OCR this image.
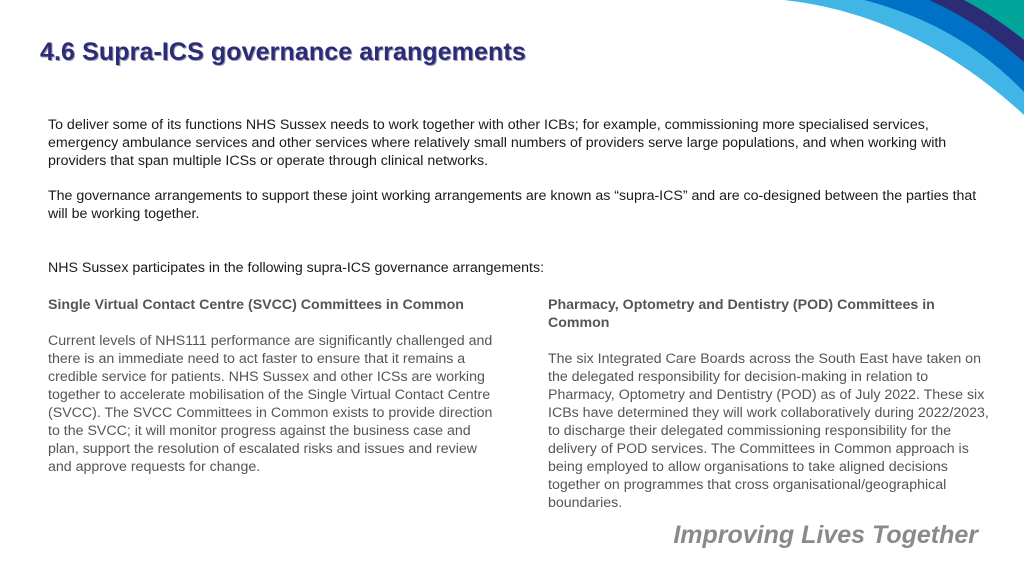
4.6 Supra-ICS governance arrangements

To deliver some of its functions NHS Sussex needs to work together with other ICBs; for example, commissioning more specialised services, emergency ambulance services and other services where relatively small numbers of providers serve large populations, and when working with providers that span multiple ICSs or operate through clinical networks.

The governance arrangements to support these joint working arrangements are known as “supra-ICS” and are co-designed between the parties that will be working together.

NHS Sussex participates in the following supra-ICS governance arrangements:

Single Virtual Contact Centre (SVCC) Committees in Common

Current levels of NHS111 performance are significantly challenged and there is an immediate need to act faster to ensure that it remains a credible service for patients. NHS Sussex and other ICSs are working together to accelerate mobilisation of the Single Virtual Contact Centre (SVCC). The SVCC Committees in Common exists to provide direction to the SVCC; it will monitor progress against the business case and plan, support the resolution of escalated risks and issues and review and approve requests for change.

Pharmacy, Optometry and Dentistry (POD) Committees in Common

The six Integrated Care Boards across the South East have taken on the delegated responsibility for decision-making in relation to Pharmacy, Optometry and Dentistry (POD) as of July 2022. These six ICBs have determined they will work collaboratively during 2022/2023, to discharge their delegated commissioning responsibility for the delivery of POD services. The Committees in Common approach is being employed to allow organisations to take aligned decisions together on programmes that cross organisational/geographical boundaries.

Improving Lives Together
